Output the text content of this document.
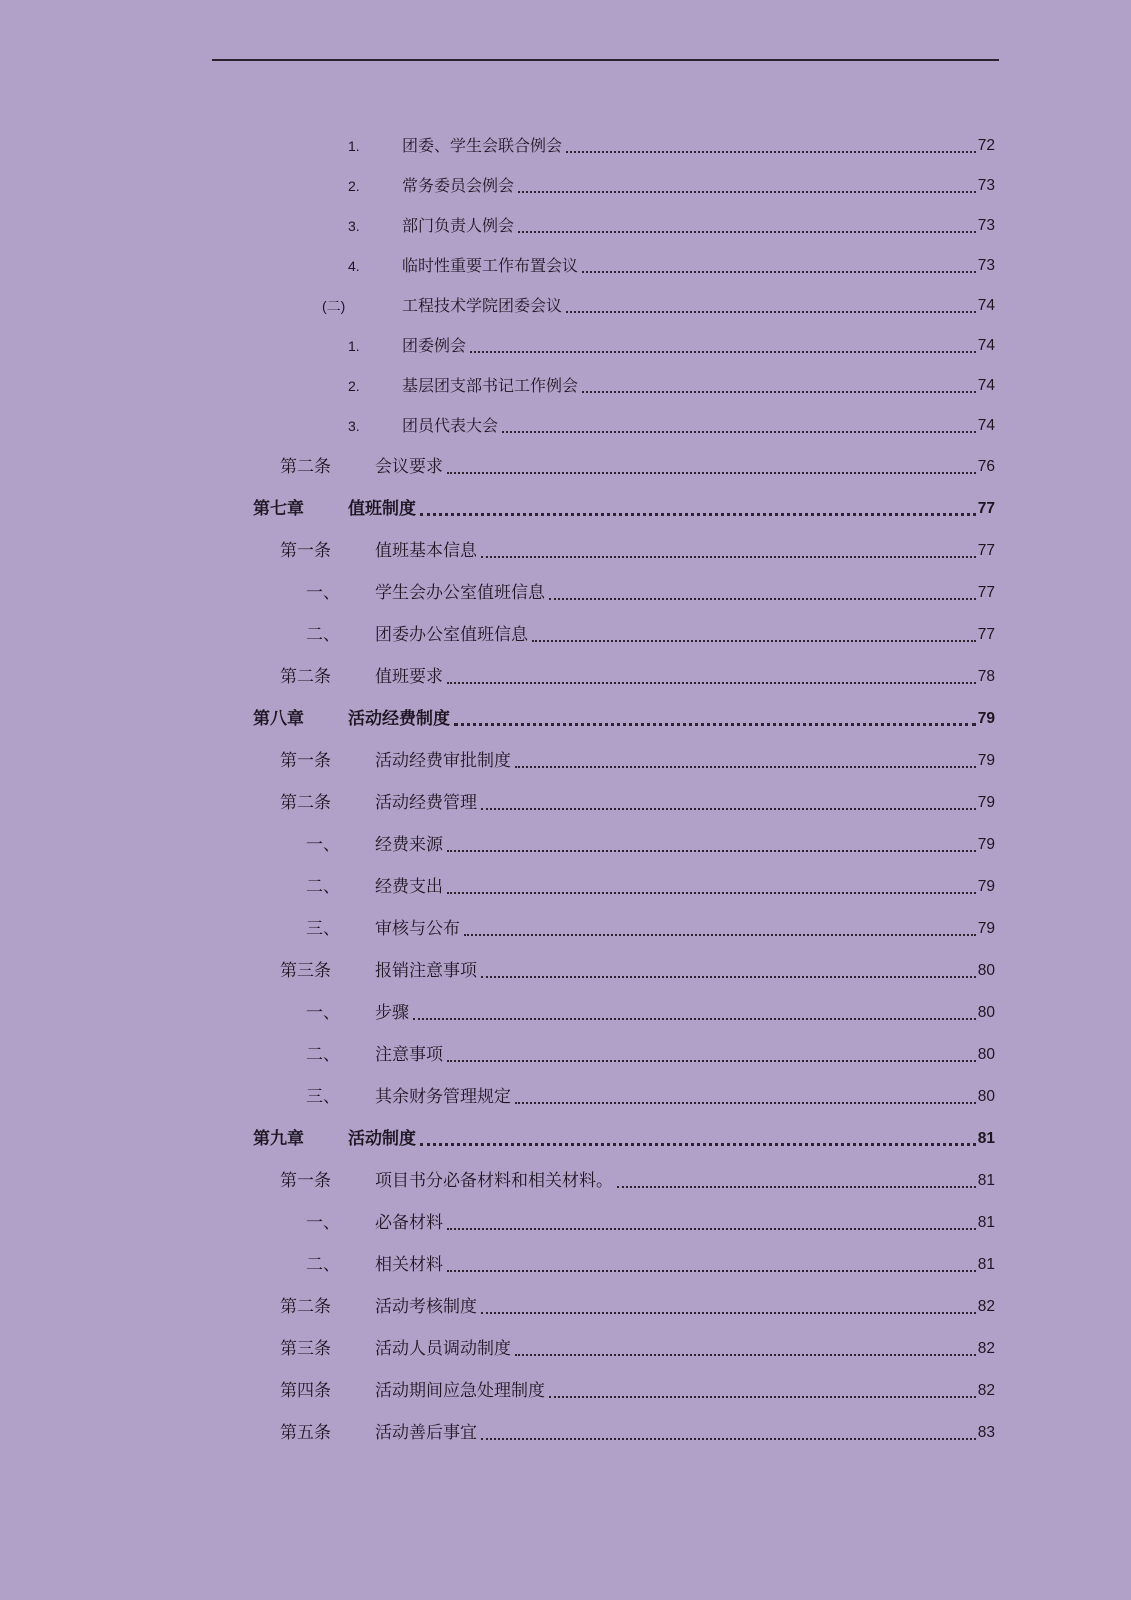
1.	团委、学生会联合例会	72
2.	常务委员会例会	73
3.	部门负责人例会	73
4.	临时性重要工作布置会议	73
(二)	工程技术学院团委会议	74
1.	团委例会	74
2.	基层团支部书记工作例会	74
3.	团员代表大会	74
第二条	会议要求	76
第七章	值班制度	77
第一条	值班基本信息	77
一、	学生会办公室值班信息	77
二、	团委办公室值班信息	77
第二条	值班要求	78
第八章	活动经费制度	79
第一条	活动经费审批制度	79
第二条	活动经费管理	79
一、	经费来源	79
二、	经费支出	79
三、	审核与公布	79
第三条	报销注意事项	80
一、	步骤	80
二、	注意事项	80
三、	其余财务管理规定	80
第九章	活动制度	81
第一条	项目书分必备材料和相关材料。	81
一、	必备材料	81
二、	相关材料	81
第二条	活动考核制度	82
第三条	活动人员调动制度	82
第四条	活动期间应急处理制度	82
第五条	活动善后事宜	83
